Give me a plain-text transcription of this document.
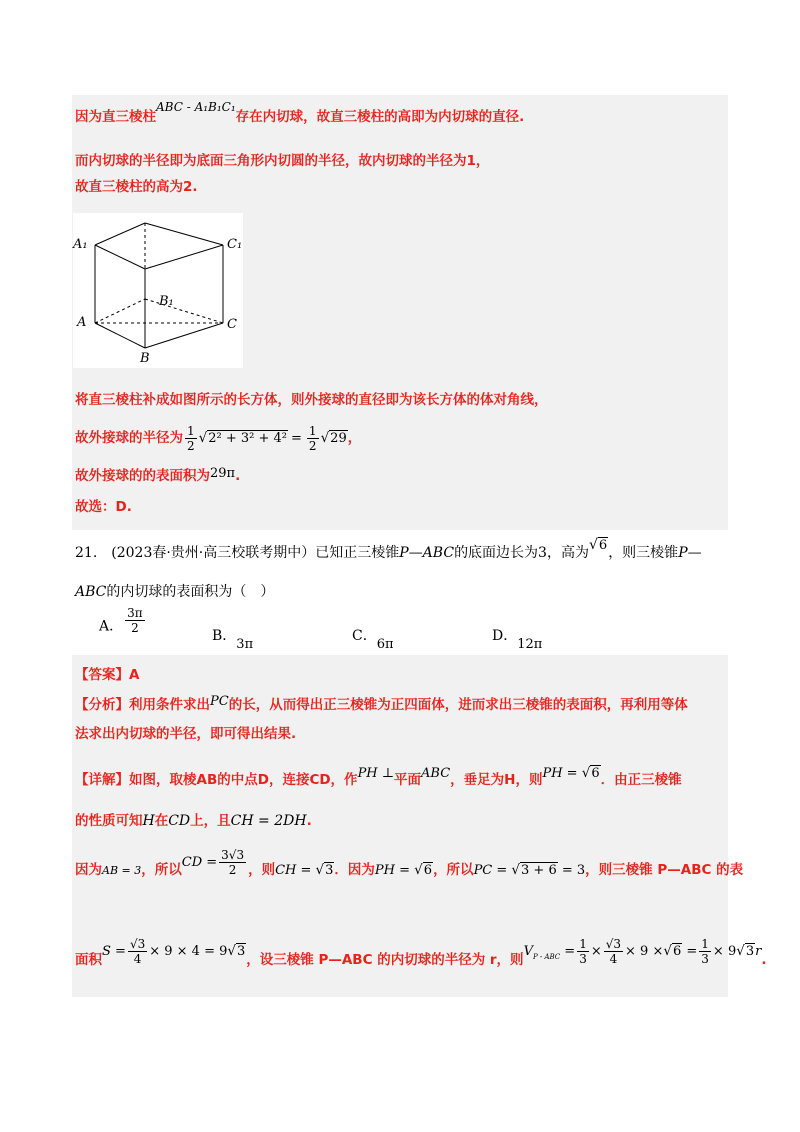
因为直三棱柱ABC - A₁B₁C₁存在内切球，故直三棱柱的高即为内切球的直径.
而内切球的半径即为底面三角形内切圆的半径，故内切球的半径为1，
故直三棱柱的高为2.
A₁	C₁
B₁
A
B
C
将直三棱柱补成如图所示的长方体，则外接球的直径即为该长方体的体对角线，
故外接球的半径为 $\frac{1}{2} √2^2 + 3^2 + 4^2 = \frac{1}{2} √29$，
故外接球的的表面积为29π.
故选：D.
21.　(2023春·贵州·高三校联考期中）已知正三棱锥P—ABC的底面边长为3，高为√6，则三棱锥P—
ABC的内切球的表面积为（　）
A． $\frac{3\pi}{2}$
B．3π
C．6π
D．12π
【答案】A
【分析】利用条件求出PC的长，从而得出正三棱锥为正四面体，进而求出三棱锥的表面积，再利用等体
法求出内切球的半径，即可得出结果.
【详解】如图，取棱AB的中点D，连接CD，作PH ⊥平面ABC，垂足为H，则PH = √6．由正三棱锥
的性质可知H在CD上，且CH = 2DH.
因为AB = 3，所以CD = $\frac{3√3}{2}$ ，则CH = √3．因为PH = √6，所以PC = √3 + 6 = 3，则三棱锥 P—ABC 的表
面积$S = \frac{√3}{4} \times 9 \times 4 = 9√3$，设三棱锥 P—ABC 的内切球的半径为 r，则$V_{P - ABC} = \frac{1}{3} \times \frac{√3}{4} \times 9 \times√6 = \frac{1}{3} \times 9√3r$.
